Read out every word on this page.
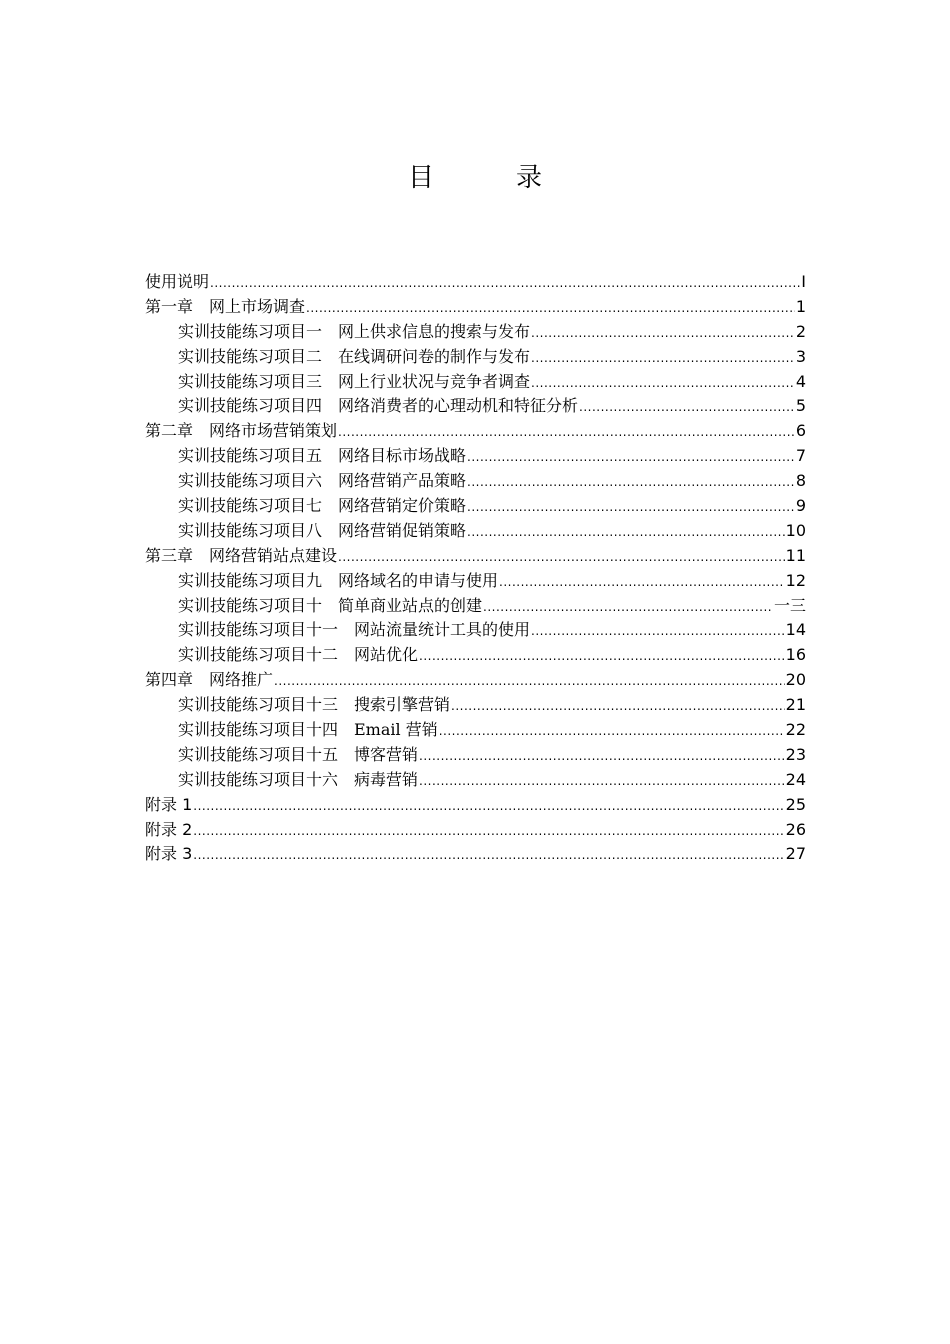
目　录
使用说明 .....	I
第一章　网上市场调查 .....	1
实训技能练习项目一　网上供求信息的搜索与发布 .....	2
实训技能练习项目二　在线调研问卷的制作与发布 .....	3
实训技能练习项目三　网上行业状况与竞争者调查 .....	4
实训技能练习项目四　网络消费者的心理动机和特征分析 .....	5
第二章　网络市场营销策划 .....	6
实训技能练习项目五　网络目标市场战略 .....	7
实训技能练习项目六　网络营销产品策略 .....	8
实训技能练习项目七　网络营销定价策略 .....	9
实训技能练习项目八　网络营销促销策略 .....	10
第三章　网络营销站点建设 .....	11
实训技能练习项目九　网络域名的申请与使用 .....	12
实训技能练习项目十　简单商业站点的创建 .....	一三
实训技能练习项目十一　网站流量统计工具的使用 .....	14
实训技能练习项目十二　网站优化 .....	16
第四章　网络推广 .....	20
实训技能练习项目十三　搜索引擎营销 .....	21
实训技能练习项目十四　Email 营销 .....	22
实训技能练习项目十五　博客营销 .....	23
实训技能练习项目十六　病毒营销 .....	24
附录 1 .....	25
附录 2 .....	26
附录 3 .....	27
